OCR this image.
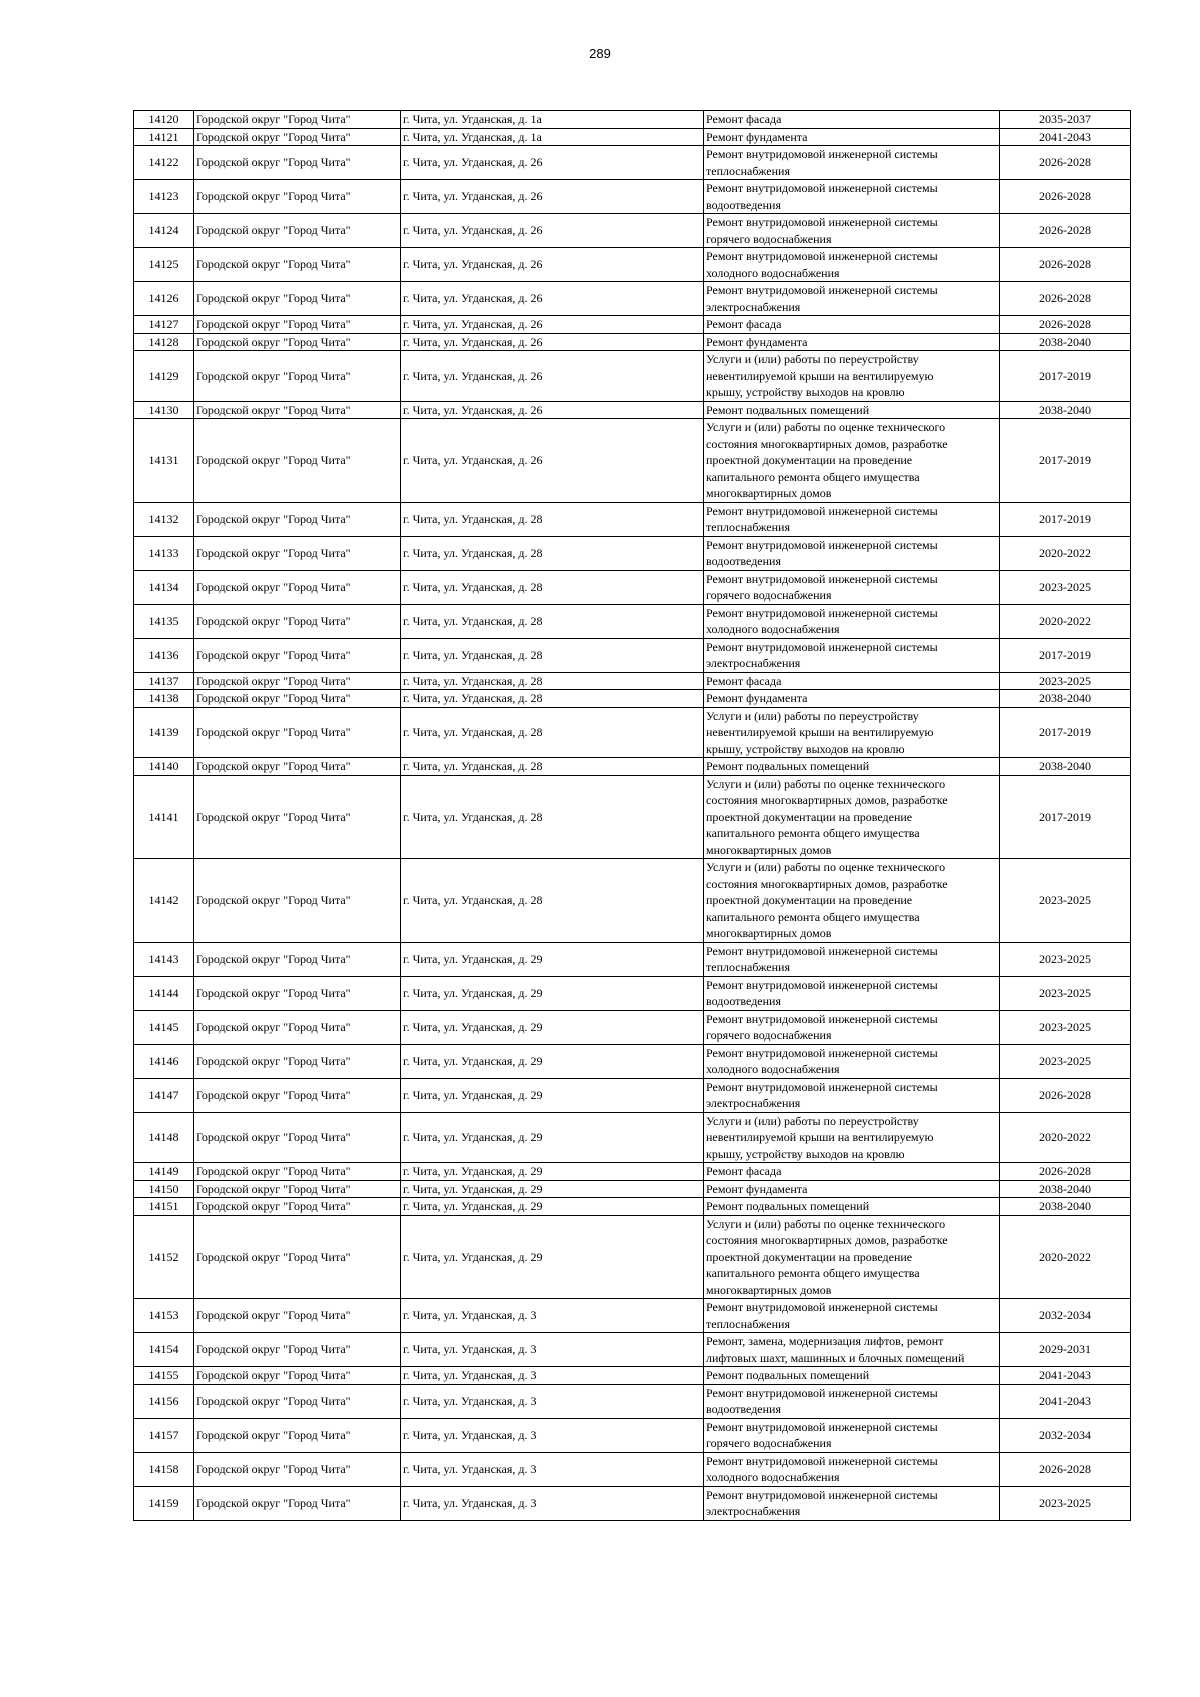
289
14120	Городской округ "Город Чита"	г. Чита, ул. Угданская, д. 1а	Ремонт фасада	2035-2037
14121	Городской округ "Город Чита"	г. Чита, ул. Угданская, д. 1а	Ремонт фундамента	2041-2043
14122	Городской округ "Город Чита"	г. Чита, ул. Угданская, д. 26	Ремонт внутридомовой инженерной системы
теплоснабжения	2026-2028
14123	Городской округ "Город Чита"	г. Чита, ул. Угданская, д. 26	Ремонт внутридомовой инженерной системы
водоотведения	2026-2028
14124	Городской округ "Город Чита"	г. Чита, ул. Угданская, д. 26	Ремонт внутридомовой инженерной системы
горячего водоснабжения	2026-2028
14125	Городской округ "Город Чита"	г. Чита, ул. Угданская, д. 26	Ремонт внутридомовой инженерной системы
холодного водоснабжения	2026-2028
14126	Городской округ "Город Чита"	г. Чита, ул. Угданская, д. 26	Ремонт внутридомовой инженерной системы
электроснабжения	2026-2028
14127	Городской округ "Город Чита"	г. Чита, ул. Угданская, д. 26	Ремонт фасада	2026-2028
14128	Городской округ "Город Чита"	г. Чита, ул. Угданская, д. 26	Ремонт фундамента	2038-2040
14129	Городской округ "Город Чита"	г. Чита, ул. Угданская, д. 26	Услуги и (или) работы по переустройству
невентилируемой крыши на вентилируемую
крышу, устройству выходов на кровлю	2017-2019
14130	Городской округ "Город Чита"	г. Чита, ул. Угданская, д. 26	Ремонт подвальных помещений	2038-2040
14131	Городской округ "Город Чита"	г. Чита, ул. Угданская, д. 26	Услуги и (или) работы по оценке технического
состояния многоквартирных домов, разработке
проектной документации на проведение
капитального ремонта общего имущества
многоквартирных домов	2017-2019
14132	Городской округ "Город Чита"	г. Чита, ул. Угданская, д. 28	Ремонт внутридомовой инженерной системы
теплоснабжения	2017-2019
14133	Городской округ "Город Чита"	г. Чита, ул. Угданская, д. 28	Ремонт внутридомовой инженерной системы
водоотведения	2020-2022
14134	Городской округ "Город Чита"	г. Чита, ул. Угданская, д. 28	Ремонт внутридомовой инженерной системы
горячего водоснабжения	2023-2025
14135	Городской округ "Город Чита"	г. Чита, ул. Угданская, д. 28	Ремонт внутридомовой инженерной системы
холодного водоснабжения	2020-2022
14136	Городской округ "Город Чита"	г. Чита, ул. Угданская, д. 28	Ремонт внутридомовой инженерной системы
электроснабжения	2017-2019
14137	Городской округ "Город Чита"	г. Чита, ул. Угданская, д. 28	Ремонт фасада	2023-2025
14138	Городской округ "Город Чита"	г. Чита, ул. Угданская, д. 28	Ремонт фундамента	2038-2040
14139	Городской округ "Город Чита"	г. Чита, ул. Угданская, д. 28	Услуги и (или) работы по переустройству
невентилируемой крыши на вентилируемую
крышу, устройству выходов на кровлю	2017-2019
14140	Городской округ "Город Чита"	г. Чита, ул. Угданская, д. 28	Ремонт подвальных помещений	2038-2040
14141	Городской округ "Город Чита"	г. Чита, ул. Угданская, д. 28	Услуги и (или) работы по оценке технического
состояния многоквартирных домов, разработке
проектной документации на проведение
капитального ремонта общего имущества
многоквартирных домов	2017-2019
14142	Городской округ "Город Чита"	г. Чита, ул. Угданская, д. 28	Услуги и (или) работы по оценке технического
состояния многоквартирных домов, разработке
проектной документации на проведение
капитального ремонта общего имущества
многоквартирных домов	2023-2025
14143	Городской округ "Город Чита"	г. Чита, ул. Угданская, д. 29	Ремонт внутридомовой инженерной системы
теплоснабжения	2023-2025
14144	Городской округ "Город Чита"	г. Чита, ул. Угданская, д. 29	Ремонт внутридомовой инженерной системы
водоотведения	2023-2025
14145	Городской округ "Город Чита"	г. Чита, ул. Угданская, д. 29	Ремонт внутридомовой инженерной системы
горячего водоснабжения	2023-2025
14146	Городской округ "Город Чита"	г. Чита, ул. Угданская, д. 29	Ремонт внутридомовой инженерной системы
холодного водоснабжения	2023-2025
14147	Городской округ "Город Чита"	г. Чита, ул. Угданская, д. 29	Ремонт внутридомовой инженерной системы
электроснабжения	2026-2028
14148	Городской округ "Город Чита"	г. Чита, ул. Угданская, д. 29	Услуги и (или) работы по переустройству
невентилируемой крыши на вентилируемую
крышу, устройству выходов на кровлю	2020-2022
14149	Городской округ "Город Чита"	г. Чита, ул. Угданская, д. 29	Ремонт фасада	2026-2028
14150	Городской округ "Город Чита"	г. Чита, ул. Угданская, д. 29	Ремонт фундамента	2038-2040
14151	Городской округ "Город Чита"	г. Чита, ул. Угданская, д. 29	Ремонт подвальных помещений	2038-2040
14152	Городской округ "Город Чита"	г. Чита, ул. Угданская, д. 29	Услуги и (или) работы по оценке технического
состояния многоквартирных домов, разработке
проектной документации на проведение
капитального ремонта общего имущества
многоквартирных домов	2020-2022
14153	Городской округ "Город Чита"	г. Чита, ул. Угданская, д. 3	Ремонт внутридомовой инженерной системы
теплоснабжения	2032-2034
14154	Городской округ "Город Чита"	г. Чита, ул. Угданская, д. 3	Ремонт, замена, модернизация лифтов, ремонт
лифтовых шахт, машинных и блочных помещений	2029-2031
14155	Городской округ "Город Чита"	г. Чита, ул. Угданская, д. 3	Ремонт подвальных помещений	2041-2043
14156	Городской округ "Город Чита"	г. Чита, ул. Угданская, д. 3	Ремонт внутридомовой инженерной системы
водоотведения	2041-2043
14157	Городской округ "Город Чита"	г. Чита, ул. Угданская, д. 3	Ремонт внутридомовой инженерной системы
горячего водоснабжения	2032-2034
14158	Городской округ "Город Чита"	г. Чита, ул. Угданская, д. 3	Ремонт внутридомовой инженерной системы
холодного водоснабжения	2026-2028
14159	Городской округ "Город Чита"	г. Чита, ул. Угданская, д. 3	Ремонт внутридомовой инженерной системы
электроснабжения	2023-2025
